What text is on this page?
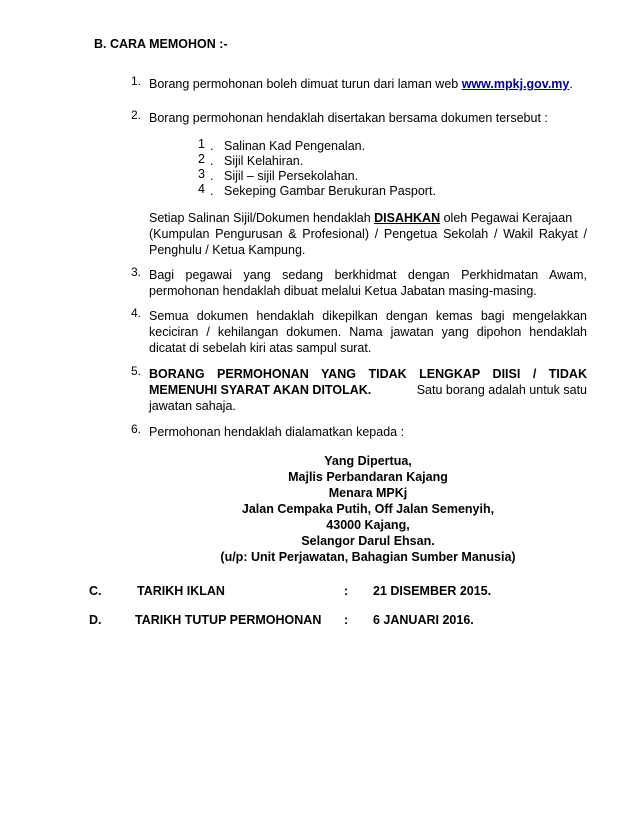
B. CARA MEMOHON :-
1. Borang permohonan boleh dimuat turun dari laman web www.mpkj.gov.my.
2. Borang permohonan hendaklah disertakan bersama dokumen tersebut :
1 . Salinan Kad Pengenalan.
2 . Sijil Kelahiran.
3 . Sijil – sijil Persekolahan.
4 . Sekeping Gambar Berukuran Pasport.
Setiap Salinan Sijil/Dokumen hendaklah DISAHKAN oleh Pegawai Kerajaan
(Kumpulan Pengurusan & Profesional) / Pengetua Sekolah / Wakil Rakyat /
Penghulu / Ketua Kampung.
3. Bagi pegawai yang sedang berkhidmat dengan Perkhidmatan Awam,
permohonan hendaklah dibuat melalui Ketua Jabatan masing-masing.
4. Semua dokumen hendaklah dikepilkan dengan kemas bagi mengelakkan
keciciran / kehilangan dokumen. Nama jawatan yang dipohon hendaklah
dicatat di sebelah kiri atas sampul surat.
5. BORANG PERMOHONAN YANG TIDAK LENGKAP DIISI / TIDAK
MEMENUHI SYARAT AKAN DITOLAK.	Satu borang adalah untuk satu
jawatan sahaja.
6. Permohonan hendaklah dialamatkan kepada :
Yang Dipertua,
Majlis Perbandaran Kajang
Menara MPKj
Jalan Cempaka Putih, Off Jalan Semenyih,
43000 Kajang,
Selangor Darul Ehsan.
(u/p: Unit Perjawatan, Bahagian Sumber Manusia)
C.	TARIKH IKLAN	: 21 DISEMBER 2015.
D.	TARIKH TUTUP PERMOHONAN : 6 JANUARI 2016.
